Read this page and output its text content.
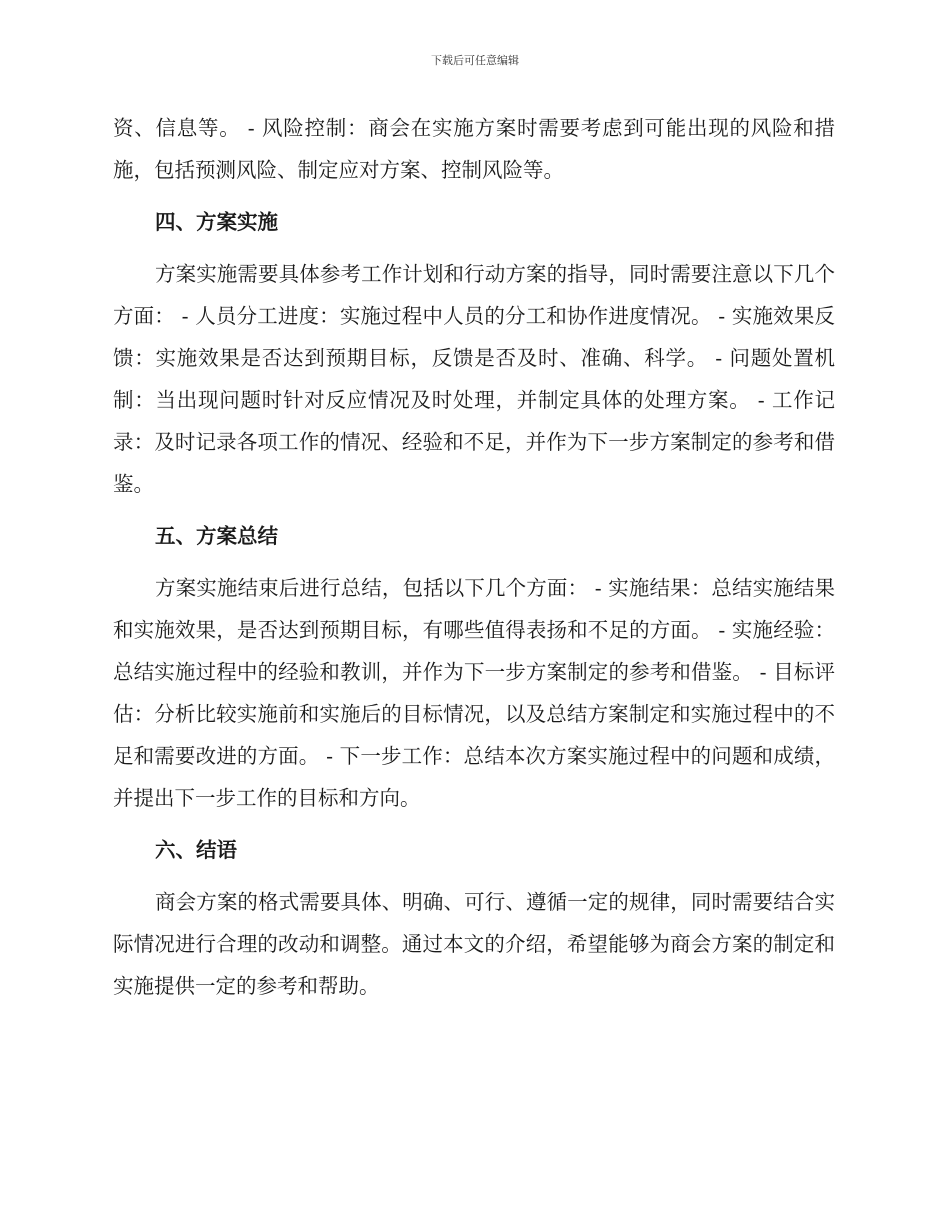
下载后可任意编辑

资、信息等。 - 风险控制：商会在实施方案时需要考虑到可能出现的风险和措施，包括预测风险、制定应对方案、控制风险等。

四、方案实施

方案实施需要具体参考工作计划和行动方案的指导，同时需要注意以下几个方面： - 人员分工进度：实施过程中人员的分工和协作进度情况。 - 实施效果反馈：实施效果是否达到预期目标，反馈是否及时、准确、科学。 - 问题处置机制：当出现问题时针对反应情况及时处理，并制定具体的处理方案。 - 工作记录：及时记录各项工作的情况、经验和不足，并作为下一步方案制定的参考和借鉴。

五、方案总结

方案实施结束后进行总结，包括以下几个方面： - 实施结果：总结实施结果和实施效果，是否达到预期目标，有哪些值得表扬和不足的方面。 - 实施经验：总结实施过程中的经验和教训，并作为下一步方案制定的参考和借鉴。 - 目标评估：分析比较实施前和实施后的目标情况，以及总结方案制定和实施过程中的不足和需要改进的方面。 - 下一步工作：总结本次方案实施过程中的问题和成绩，并提出下一步工作的目标和方向。

六、结语

商会方案的格式需要具体、明确、可行、遵循一定的规律，同时需要结合实际情况进行合理的改动和调整。通过本文的介绍，希望能够为商会方案的制定和实施提供一定的参考和帮助。
